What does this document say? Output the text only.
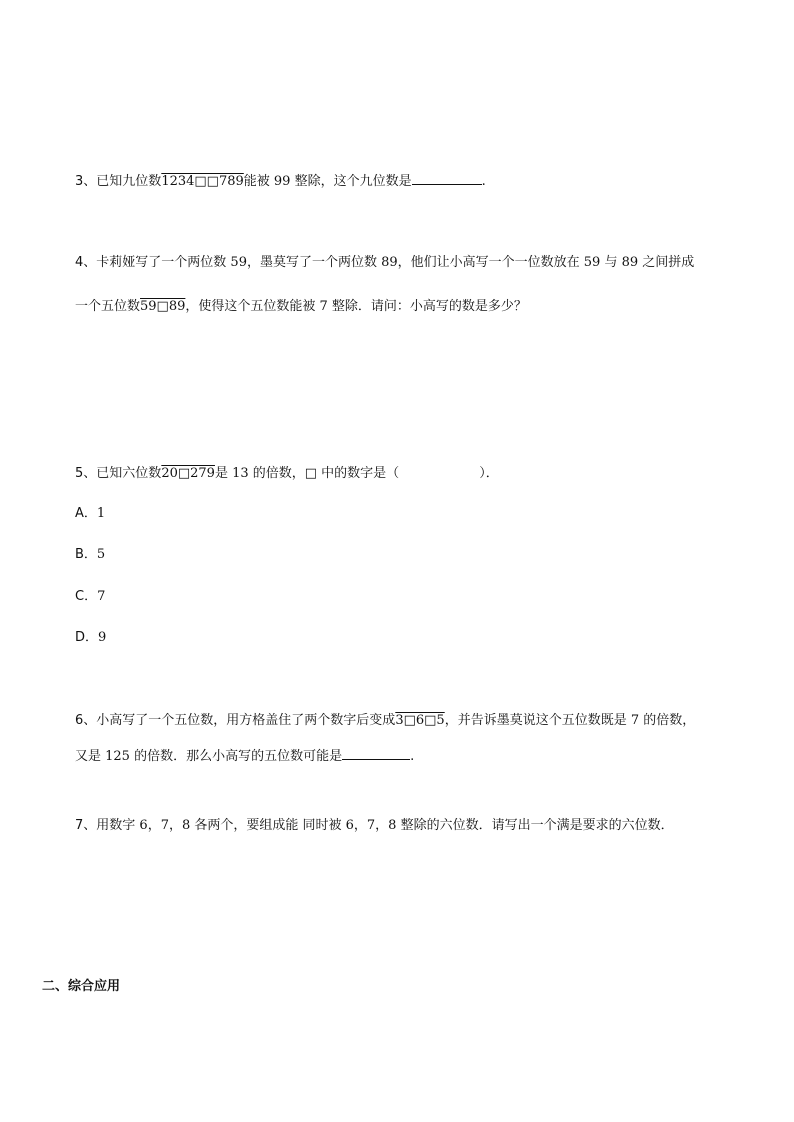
3、已知九位数1234□□789能被 99 整除，这个九位数是	.
4、卡莉娅写了一个两位数 59，墨莫写了一个两位数 89，他们让小高写一个一位数放在 59 与 89 之间拼成
一个五位数59□89，使得这个五位数能被 7 整除．请问：小高写的数是多少？
5、已知六位数20□279是 13 的倍数，□ 中的数字是（	）．
A．1
B．5
C．7
D．9
6、小高写了一个五位数，用方格盖住了两个数字后变成3□6□5，并告诉墨莫说这个五位数既是 7 的倍数，
又是 125 的倍数．那么小高写的五位数可能是	.
7、用数字 6，7，8 各两个，要组成能 同时被 6，7，8 整除的六位数．请写出一个满是要求的六位数．
二、综合应用
